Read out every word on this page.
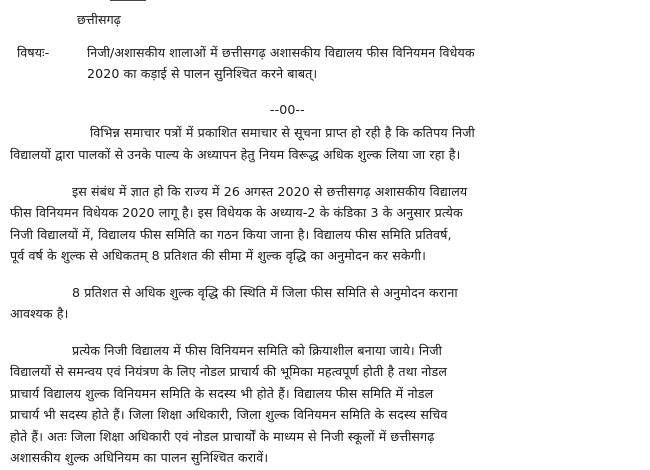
छत्तीसगढ़
विषयः-	निजी/अशासकीय शालाओं में छत्तीसगढ़ अशासकीय विद्यालय फीस विनियमन विधेयक
2020 का कड़ाई से पालन सुनिश्चित करने बाबत्।
--00--
विभिन्न समाचार पत्रों में प्रकाशित समाचार से सूचना प्राप्त हो रही है कि कतिपय निजी
विद्यालयों द्वारा पालकों से उनके पाल्य के अध्यापन हेतु नियम विरूद्ध अधिक शुल्क लिया जा रहा है।
इस संबंध में ज्ञात हो कि राज्य में 26 अगस्त 2020 से छत्तीसगढ़ अशासकीय विद्यालय
फीस विनियमन विधेयक 2020 लागू है। इस विधेयक के अध्याय-2 के कंडिका 3 के अनुसार प्रत्येक
निजी विद्यालयों में, विद्यालय फीस समिति का गठन किया जाना है। विद्यालय फीस समिति प्रतिवर्ष,
पूर्व वर्ष के शुल्क से अधिकतम् 8 प्रतिशत की सीमा में शुल्क वृद्धि का अनुमोदन कर सकेगी।
8 प्रतिशत से अधिक शुल्क वृद्धि की स्थिति में जिला फीस समिति से अनुमोदन कराना
आवश्यक है।
प्रत्येक निजी विद्यालय में फीस विनियमन समिति को क्रियाशील बनाया जाये। निजी
विद्यालयों से समन्वय एवं नियंत्रण के लिए नोडल प्राचार्य की भूमिका महत्वपूर्ण होती है तथा नोडल
प्राचार्य विद्यालय शुल्क विनियमन समिति के सदस्य भी होते हैं। विद्यालय फीस समिति में नोडल
प्राचार्य भी सदस्य होते हैं। जिला शिक्षा अधिकारी, जिला शुल्क विनियमन समिति के सदस्य सचिव
होते हैं। अतः जिला शिक्षा अधिकारी एवं नोडल प्राचार्यों के माध्यम से निजी स्कूलों में छत्तीसगढ़
अशासकीय शुल्क अधिनियम का पालन सुनिश्चित करावें।
